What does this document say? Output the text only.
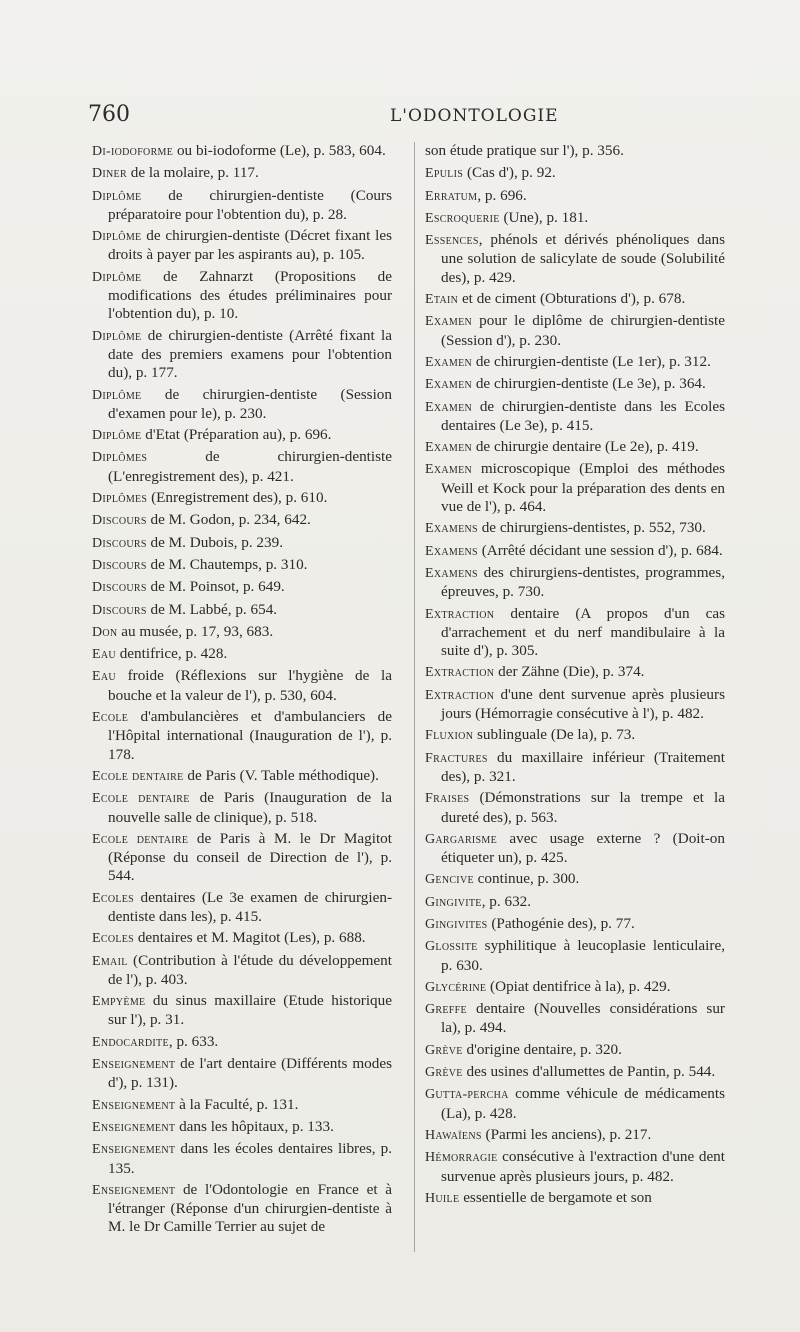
760	L'ODONTOLOGIE

Di-iodoforme ou bi-iodoforme (Le), p. 583, 604.

Diner de la molaire, p. 117.

Diplôme de chirurgien-dentiste (Cours préparatoire pour l'obtention du), p. 28.

Diplôme de chirurgien-dentiste (Décret fixant les droits à payer par les aspirants au), p. 105.

Diplôme de Zahnarzt (Propositions de modifications des études préliminaires pour l'obtention du), p. 10.

Diplôme de chirurgien-dentiste (Arrêté fixant la date des premiers examens pour l'obtention du), p. 177.

Diplôme de chirurgien-dentiste (Session d'examen pour le), p. 230.

Diplôme d'Etat (Préparation au), p. 696.

Diplômes de chirurgien-dentiste (L'enregistrement des), p. 421.

Diplômes (Enregistrement des), p. 610.

Discours de M. Godon, p. 234, 642.

Discours de M. Dubois, p. 239.

Discours de M. Chautemps, p. 310.

Discours de M. Poinsot, p. 649.

Discours de M. Labbé, p. 654.

Don au musée, p. 17, 93, 683.

Eau dentifrice, p. 428.

Eau froide (Réflexions sur l'hygiène de la bouche et la valeur de l'), p. 530, 604.

Ecole d'ambulancières et d'ambulanciers de l'Hôpital international (Inauguration de l'), p. 178.

Ecole dentaire de Paris (V. Table méthodique).

Ecole dentaire de Paris (Inauguration de la nouvelle salle de clinique), p. 518.

Ecole dentaire de Paris à M. le Dr Magitot (Réponse du conseil de Direction de l'), p. 544.

Ecoles dentaires (Le 3e examen de chirurgien-dentiste dans les), p. 415.

Ecoles dentaires et M. Magitot (Les), p. 688.

Email (Contribution à l'étude du développement de l'), p. 403.

Empyème du sinus maxillaire (Etude historique sur l'), p. 31.

Endocardite, p. 633.

Enseignement de l'art dentaire (Différents modes d'), p. 131).

Enseignement à la Faculté, p. 131.

Enseignement dans les hôpitaux, p. 133.

Enseignement dans les écoles dentaires libres, p. 135.

Enseignement de l'Odontologie en France et à l'étranger (Réponse d'un chirurgien-dentiste à M. le Dr Camille Terrier au sujet de

son étude pratique sur l'), p. 356.

Epulis (Cas d'), p. 92.

Erratum, p. 696.

Escroquerie (Une), p. 181.

Essences, phénols et dérivés phénoliques dans une solution de salicylate de soude (Solubilité des), p. 429.

Etain et de ciment (Obturations d'), p. 678.

Examen pour le diplôme de chirurgien-dentiste (Session d'), p. 230.

Examen de chirurgien-dentiste (Le 1er), p. 312.

Examen de chirurgien-dentiste (Le 3e), p. 364.

Examen de chirurgien-dentiste dans les Ecoles dentaires (Le 3e), p. 415.

Examen de chirurgie dentaire (Le 2e), p. 419.

Examen microscopique (Emploi des méthodes Weill et Kock pour la préparation des dents en vue de l'), p. 464.

Examens de chirurgiens-dentistes, p. 552, 730.

Examens (Arrêté décidant une session d'), p. 684.

Examens des chirurgiens-dentistes, programmes, épreuves, p. 730.

Extraction dentaire (A propos d'un cas d'arrachement et du nerf mandibulaire à la suite d'), p. 305.

Extraction der Zähne (Die), p. 374.

Extraction d'une dent survenue après plusieurs jours (Hémorragie consécutive à l'), p. 482.

Fluxion sublinguale (De la), p. 73.

Fractures du maxillaire inférieur (Traitement des), p. 321.

Fraises (Démonstrations sur la trempe et la dureté des), p. 563.

Gargarisme avec usage externe ? (Doit-on étiqueter un), p. 425.

Gencive continue, p. 300.

Gingivite, p. 632.

Gingivites (Pathogénie des), p. 77.

Glossite syphilitique à leucoplasie lenticulaire, p. 630.

Glycérine (Opiat dentifrice à la), p. 429.

Greffe dentaire (Nouvelles considérations sur la), p. 494.

Grève d'origine dentaire, p. 320.

Grève des usines d'allumettes de Pantin, p. 544.

Gutta-percha comme véhicule de médicaments (La), p. 428.

Hawaïens (Parmi les anciens), p. 217.

Hémorragie consécutive à l'extraction d'une dent survenue après plusieurs jours, p. 482.

Huile essentielle de bergamote et son
